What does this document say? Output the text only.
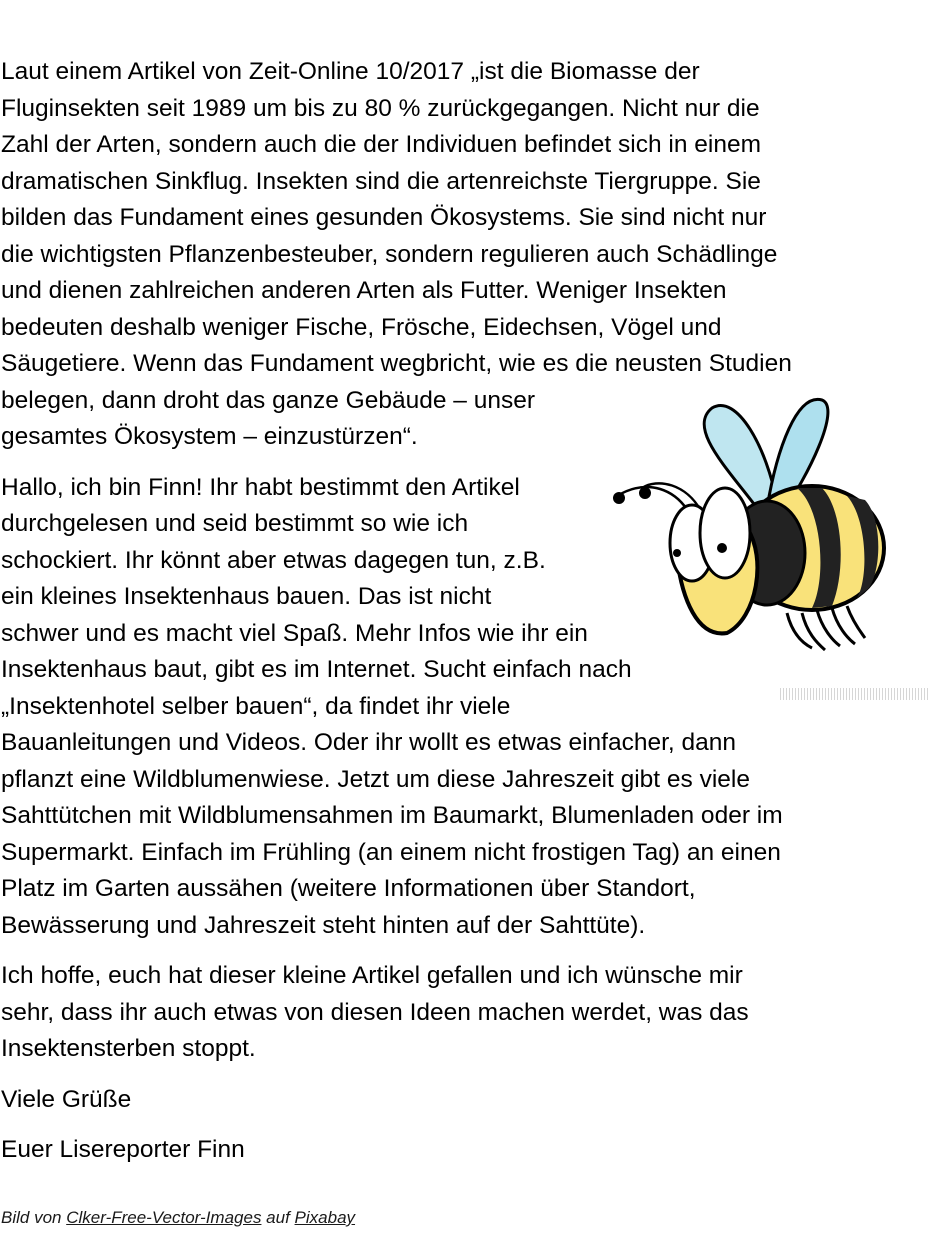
Laut einem Artikel von Zeit-Online 10/2017 „ist die Biomasse der
Fluginsekten seit 1989 um bis zu 80 % zurückgegangen. Nicht nur die
Zahl der Arten, sondern auch die der Individuen befindet sich in einem
dramatischen Sinkflug. Insekten sind die artenreichste Tiergruppe. Sie
bilden das Fundament eines gesunden Ökosystems. Sie sind nicht nur
die wichtigsten Pflanzenbesteuber, sondern regulieren auch Schädlinge
und dienen zahlreichen anderen Arten als Futter. Weniger Insekten
bedeuten deshalb weniger Fische, Frösche, Eidechsen, Vögel und
Säugetiere. Wenn das Fundament wegbricht, wie es die neusten Studien
belegen, dann droht das ganze Gebäude – unser
gesamtes Ökosystem – einzustürzen“.

Hallo, ich bin Finn! Ihr habt bestimmt den Artikel
durchgelesen und seid bestimmt so wie ich
schockiert. Ihr könnt aber etwas dagegen tun, z.B.
ein kleines Insektenhaus bauen. Das ist nicht
schwer und es macht viel Spaß. Mehr Infos wie ihr ein
Insektenhaus baut, gibt es im Internet. Sucht einfach nach
„Insektenhotel selber bauen“, da findet ihr viele
Bauanleitungen und Videos. Oder ihr wollt es etwas einfacher, dann
pflanzt eine Wildblumenwiese. Jetzt um diese Jahreszeit gibt es viele
Sahttütchen mit Wildblumensahmen im Baumarkt, Blumenladen oder im
Supermarkt. Einfach im Frühling (an einem nicht frostigen Tag) an einen
Platz im Garten aussähen (weitere Informationen über Standort,
Bewässerung und Jahreszeit steht hinten auf der Sahttüte).

Ich hoffe, euch hat dieser kleine Artikel gefallen und ich wünsche mir
sehr, dass ihr auch etwas von diesen Ideen machen werdet, was das
Insektensterben stoppt.

Viele Grüße

Euer Lisereporter Finn

Bild von Clker-Free-Vector-Images auf Pixabay
